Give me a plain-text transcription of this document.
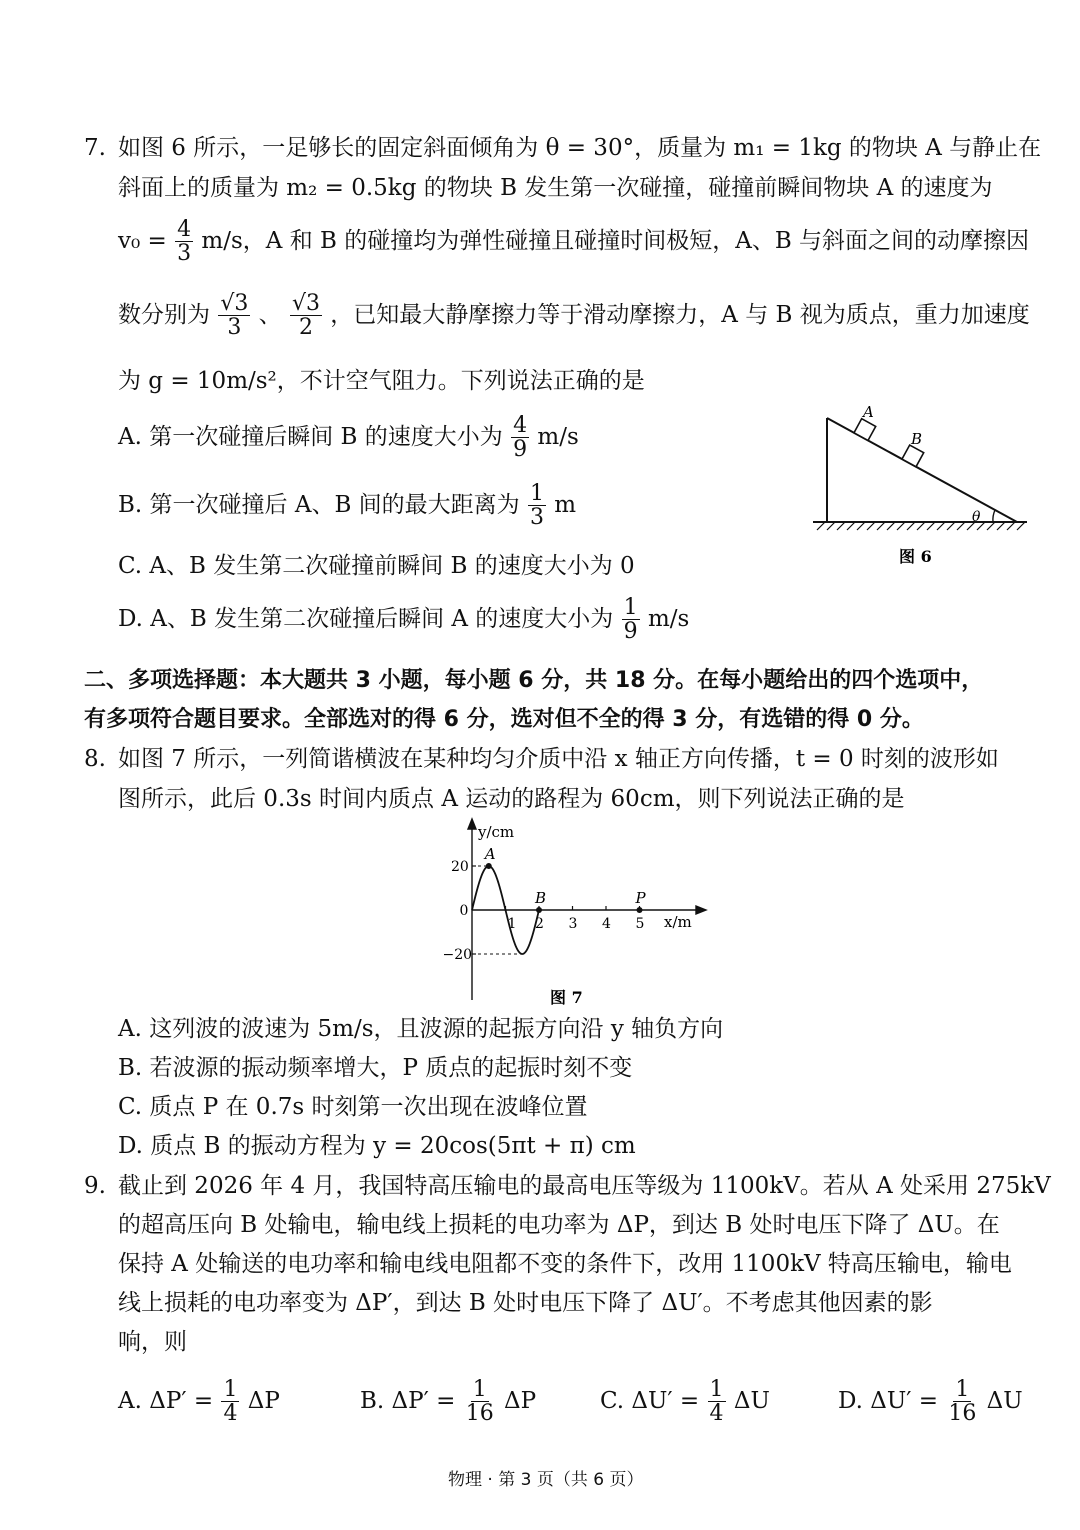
7. 如图 6 所示，一足够长的固定斜面倾角为 θ = 30°，质量为 m₁ = 1kg 的物块 A 与静止在
斜面上的质量为 m₂ = 0.5kg 的物块 B 发生第一次碰撞，碰撞前瞬间物块 A 的速度为
$v_0 = \frac{4}{3} m/s$，A 和 B 的碰撞均为弹性碰撞且碰撞时间极短，A、B 与斜面之间的动摩擦因
数分别为 $\frac{√3}{3}$ 、 $\frac{√3}{2}$ ，已知最大静摩擦力等于滑动摩擦力，A 与 B 视为质点，重力加速度
为 g = 10m/s²，不计空气阻力。下列说法正确的是
A. 第一次碰撞后瞬间 B 的速度大小为 $\frac{4}{9} m/s$
B. 第一次碰撞后 A、B 间的最大距离为 $\frac{1}{3}$ m
C. A、B 发生第二次碰撞前瞬间 B 的速度大小为 0
D. A、B 发生第二次碰撞后瞬间 A 的速度大小为 $\frac{1}{9} m/s$
A
B
θ
图 6
二、多项选择题：本大题共 3 小题，每小题 6 分，共 18 分。在每小题给出的四个选项中，
有多项符合题目要求。全部选对的得 6 分，选对但不全的得 3 分，有选错的得 0 分。
8. 如图 7 所示，一列简谐横波在某种均匀介质中沿 x 轴正方向传播，t = 0 时刻的波形如
图所示，此后 0.3s 时间内质点 A 运动的路程为 60cm，则下列说法正确的是
1 2 3 4 5
20
0
−20
A
B	P
y/cm
x/m
图 7
A. 这列波的波速为 5m/s，且波源的起振方向沿 y 轴负方向
B. 若波源的振动频率增大，P 质点的起振时刻不变
C. 质点 P 在 0.7s 时刻第一次出现在波峰位置
D. 质点 B 的振动方程为 y = 20cos(5πt + π) cm
9. 截止到 2026 年 4 月，我国特高压输电的最高电压等级为 1100kV。若从 A 处采用 275kV
的超高压向 B 处输电，输电线上损耗的电功率为 ΔP，到达 B 处时电压下降了 ΔU。在
保持 A 处输送的电功率和输电线电阻都不变的条件下，改用 1100kV 特高压输电，输电
线上损耗的电功率变为 ΔP′，到达 B 处时电压下降了 ΔU′。不考虑其他因素的影
响，则
A. $\Delta P' = \frac{1}{4}$ ΔP	B. $\Delta P' = \frac{1}{16}$ ΔP	C. $\Delta U' = \frac{1}{4}$ ΔU	D. $\Delta U' = \frac{1}{16}$ ΔU
物理 · 第 3 页（共 6 页）
